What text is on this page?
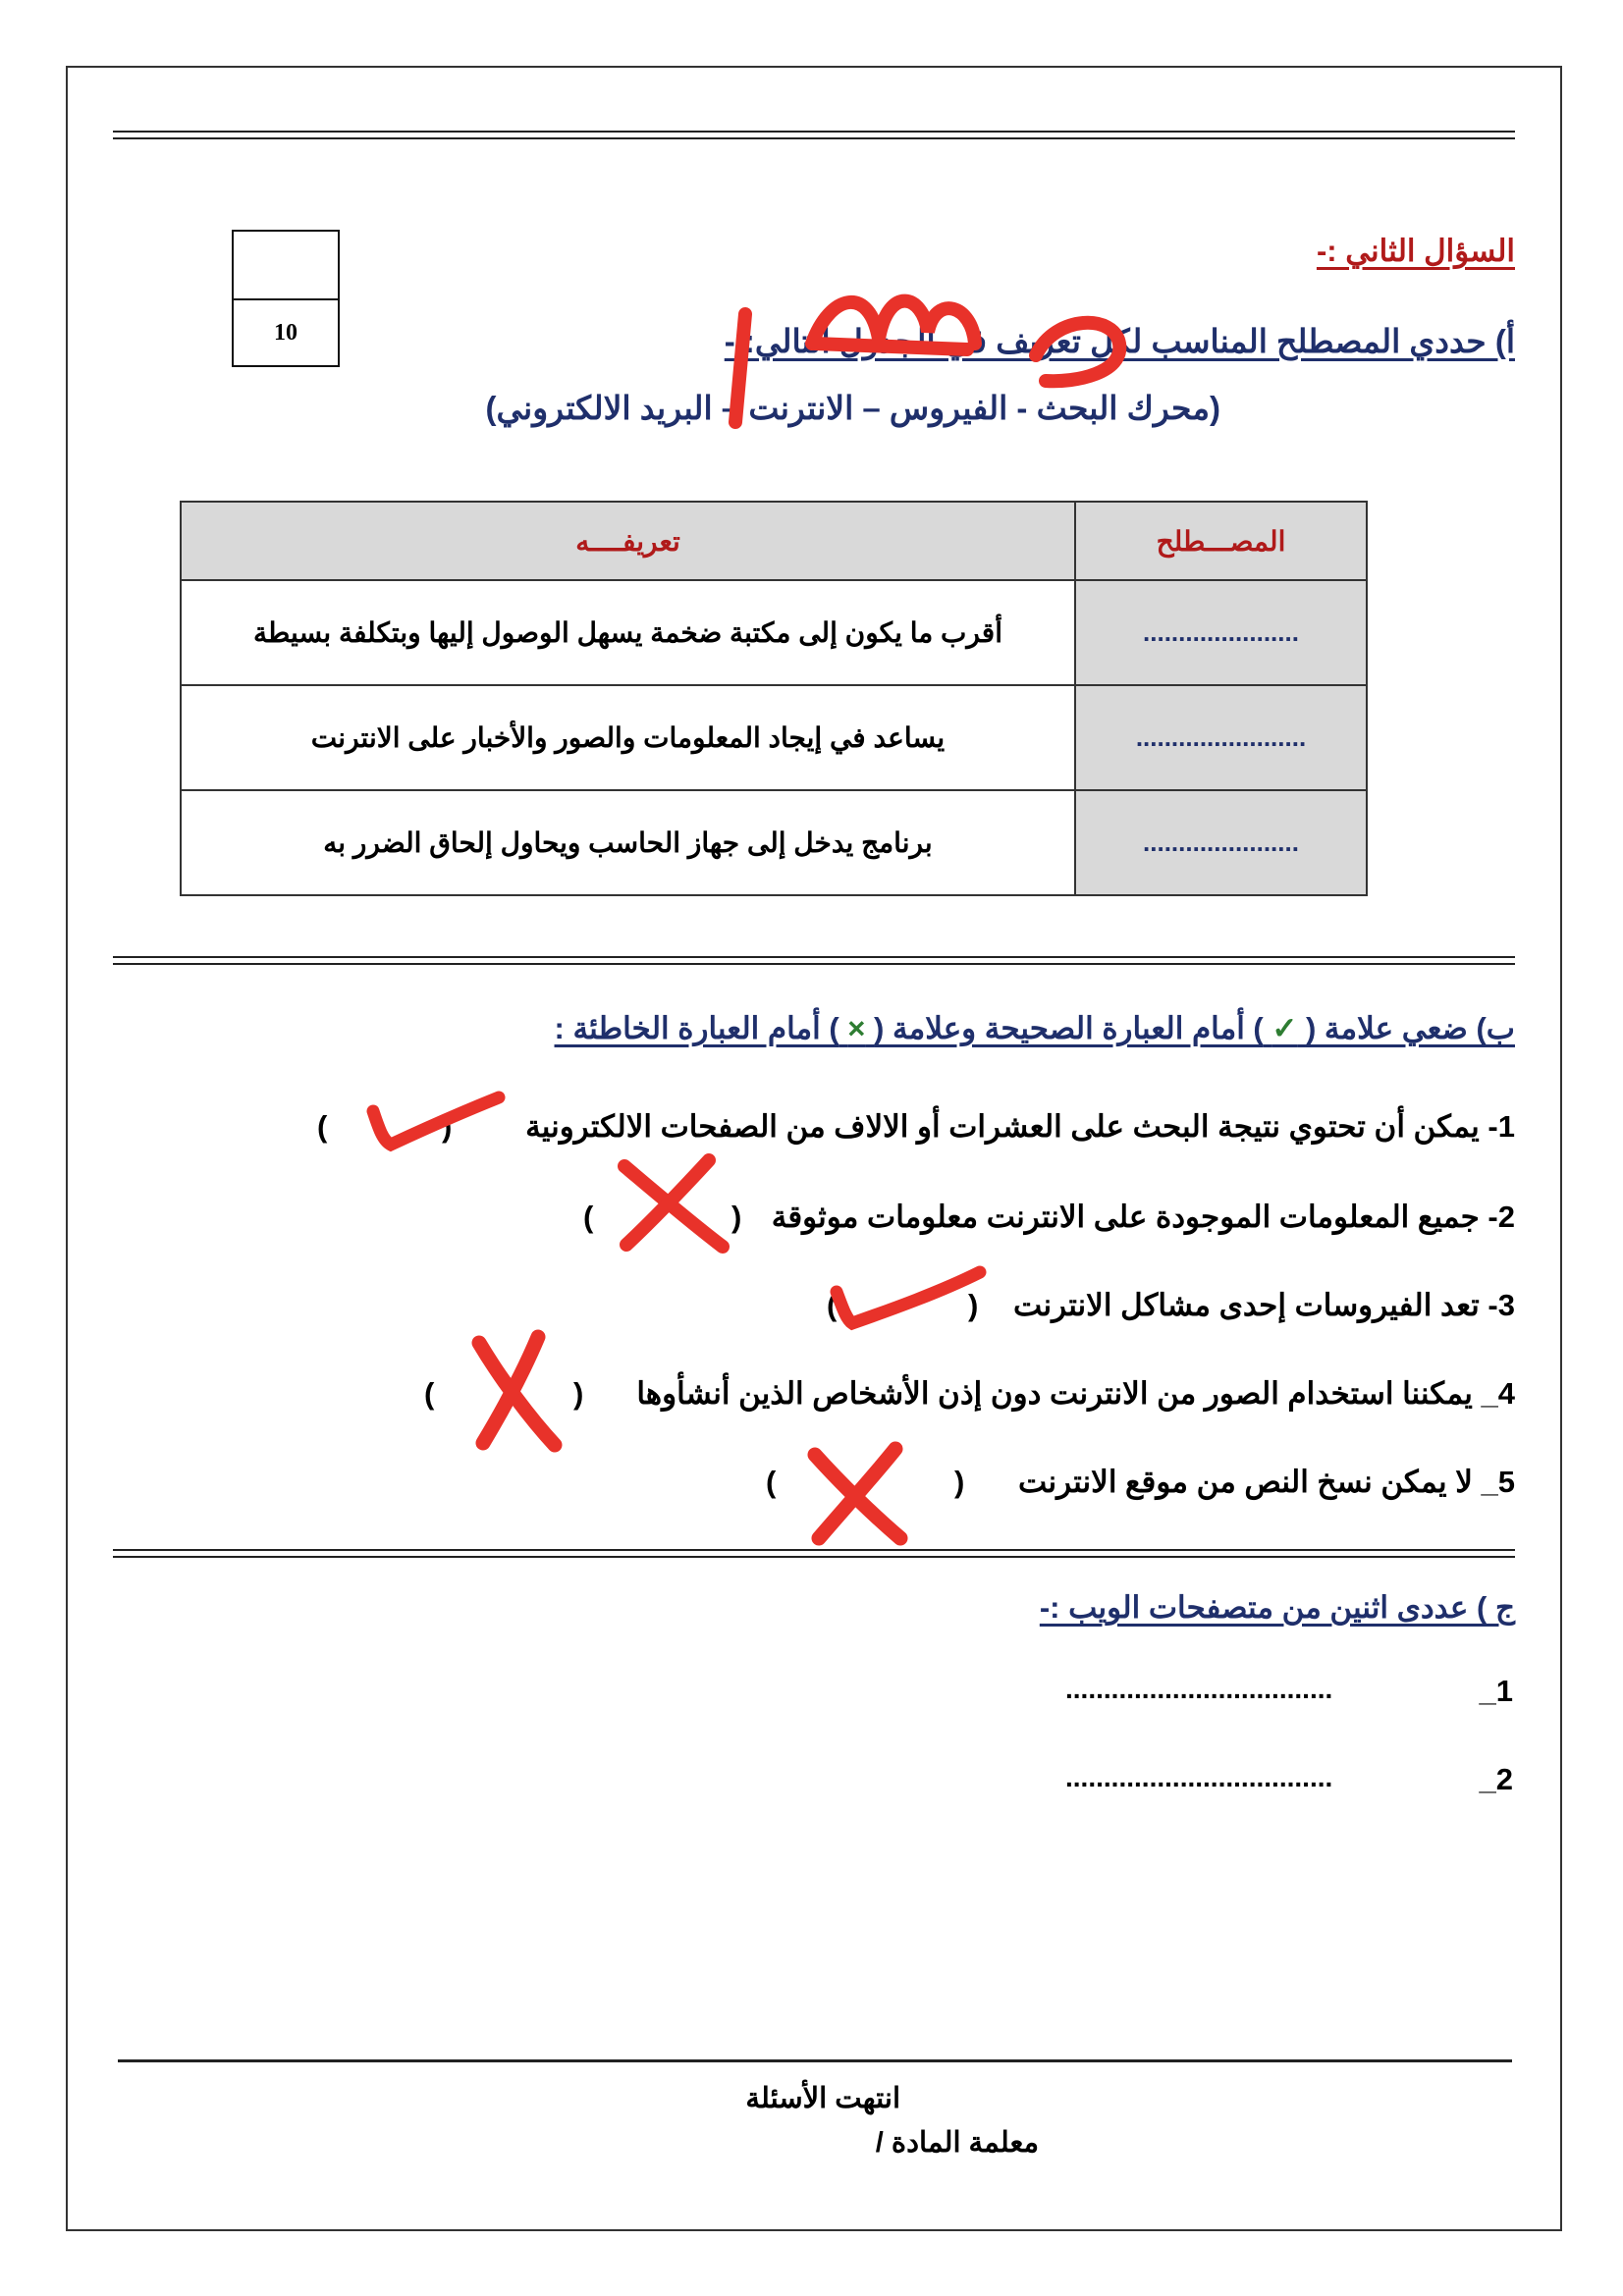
10
السؤال الثاني :-
أ) حددي المصطلح المناسب لكل تعريف في الجدول التالي: -
(محرك البحث - الفيروس – الانترنت – البريد الالكتروني)
المصـــطلح	تعريفــــه
......................	أقرب ما يكون إلى مكتبة ضخمة يسهل الوصول إليها وبتكلفة بسيطة
........................	يساعد في إيجاد المعلومات والصور والأخبار على الانترنت
......................	برنامج يدخل إلى جهاز الحاسب ويحاول إلحاق الضرر به
ب) ضعي علامة ( ✓ ) أمام العبارة الصحيحة وعلامة ( × ) أمام العبارة الخاطئة :
1- يمكن أن تحتوي نتيجة البحث على العشرات أو الالاف من الصفحات الالكترونية
(
)
2- جميع المعلومات الموجودة على الانترنت معلومات موثوقة
(
)
3- تعد الفيروسات إحدى مشاكل الانترنت
(
)
4_ يمكننا استخدام الصور من الانترنت دون إذن الأشخاص الذين أنشأوها
(
)
5_ لا يمكن نسخ النص من موقع الانترنت
(
)
ج ) عددى اثنين من متصفحات الويب :-
1_
...................................
2_
...................................
انتهت الأسئلة
معلمة المادة /
